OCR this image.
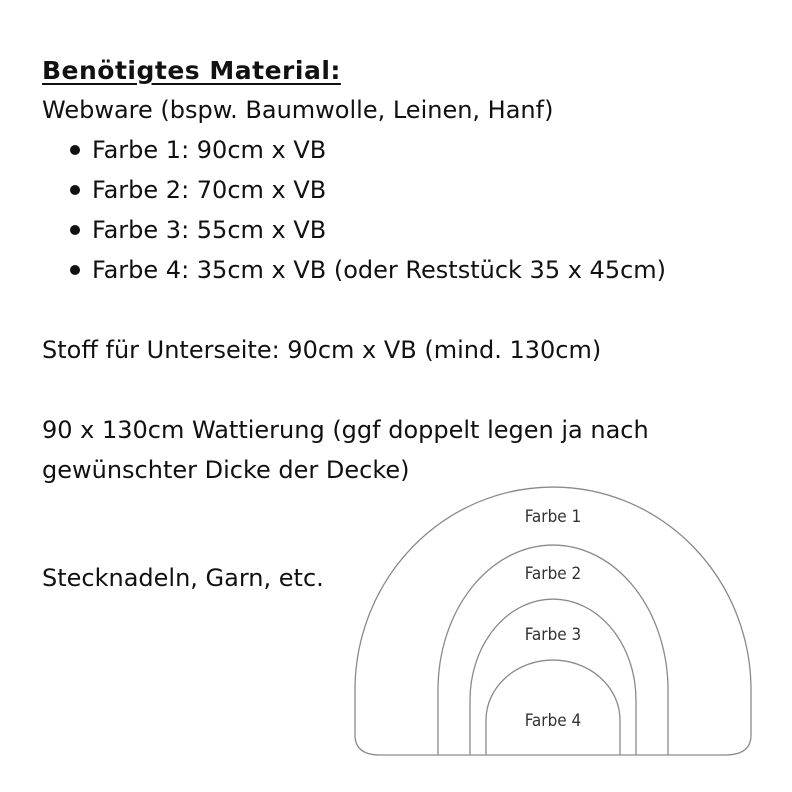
Benötigtes Material:

Webware (bspw. Baumwolle, Leinen, Hanf)

Farbe 1: 90cm x VB
Farbe 2: 70cm x VB
Farbe 3: 55cm x VB
Farbe 4: 35cm x VB (oder Reststück 35 x 45cm)

Stoff für Unterseite: 90cm x VB (mind. 130cm)

90 x 130cm Wattierung (ggf doppelt legen ja nach

gewünschter Dicke der Decke)

Stecknadeln, Garn, etc.

Farbe 1
Farbe 2
Farbe 3
Farbe 4
